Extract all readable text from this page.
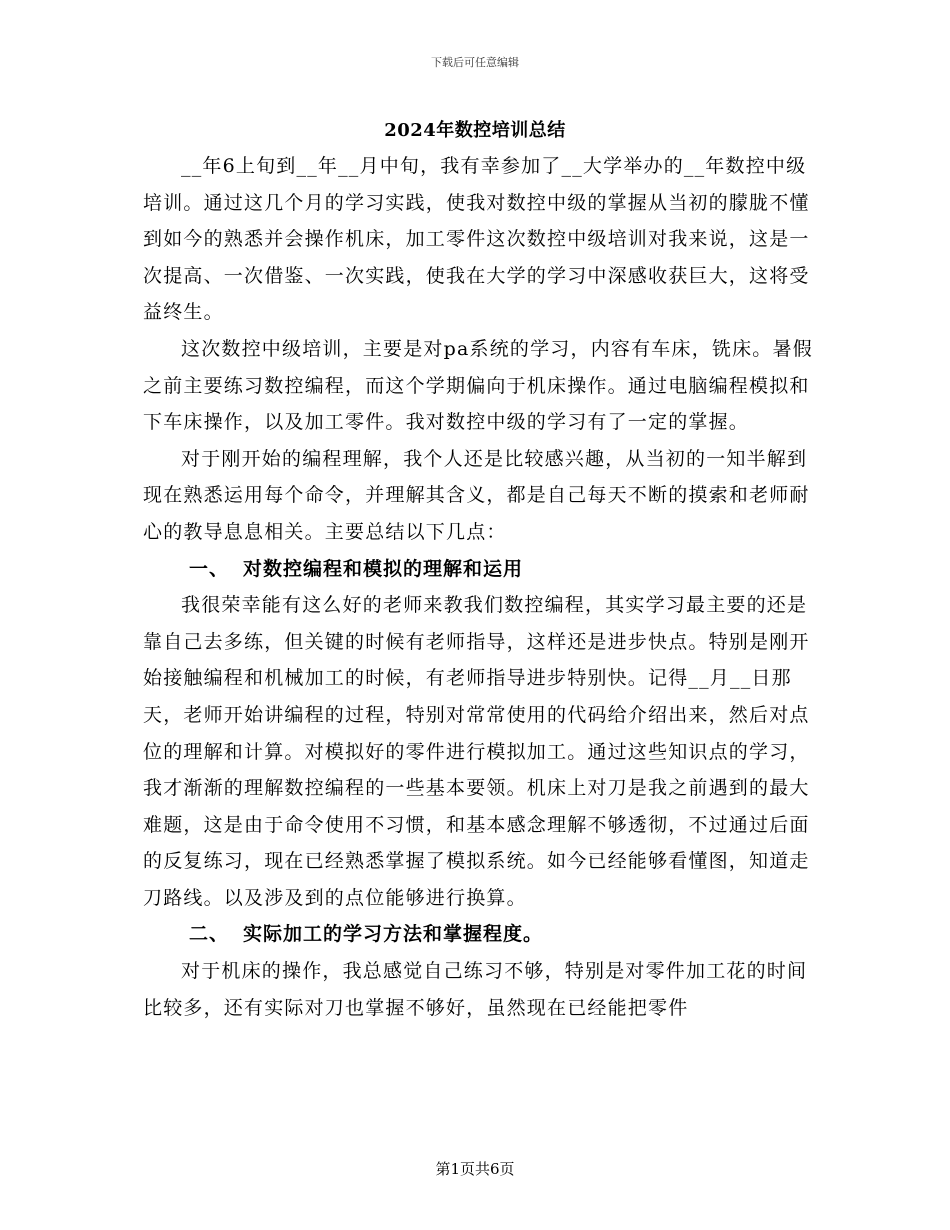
下载后可任意编辑
2024年数控培训总结

__年6上旬到__年__月中旬，我有幸参加了__大学举办的__年数控中级培训。通过这几个月的学习实践，使我对数控中级的掌握从当初的朦胧不懂到如今的熟悉并会操作机床，加工零件这次数控中级培训对我来说，这是一次提高、一次借鉴、一次实践，使我在大学的学习中深感收获巨大，这将受益终生。

这次数控中级培训，主要是对pa系统的学习，内容有车床，铣床。暑假之前主要练习数控编程，而这个学期偏向于机床操作。通过电脑编程模拟和下车床操作，以及加工零件。我对数控中级的学习有了一定的掌握。

对于刚开始的编程理解，我个人还是比较感兴趣，从当初的一知半解到现在熟悉运用每个命令，并理解其含义，都是自己每天不断的摸索和老师耐心的教导息息相关。主要总结以下几点：

一、 对数控编程和模拟的理解和运用

我很荣幸能有这么好的老师来教我们数控编程，其实学习最主要的还是靠自己去多练，但关键的时候有老师指导，这样还是进步快点。特别是刚开始接触编程和机械加工的时候，有老师指导进步特别快。记得__月__日那天，老师开始讲编程的过程，特别对常常使用的代码给介绍出来，然后对点位的理解和计算。对模拟好的零件进行模拟加工。通过这些知识点的学习，我才渐渐的理解数控编程的一些基本要领。机床上对刀是我之前遇到的最大难题，这是由于命令使用不习惯，和基本感念理解不够透彻，不过通过后面的反复练习，现在已经熟悉掌握了模拟系统。如今已经能够看懂图，知道走刀路线。以及涉及到的点位能够进行换算。

二、 实际加工的学习方法和掌握程度。

对于机床的操作，我总感觉自己练习不够，特别是对零件加工花的时间比较多，还有实际对刀也掌握不够好，虽然现在已经能把零件

第1页共6页
